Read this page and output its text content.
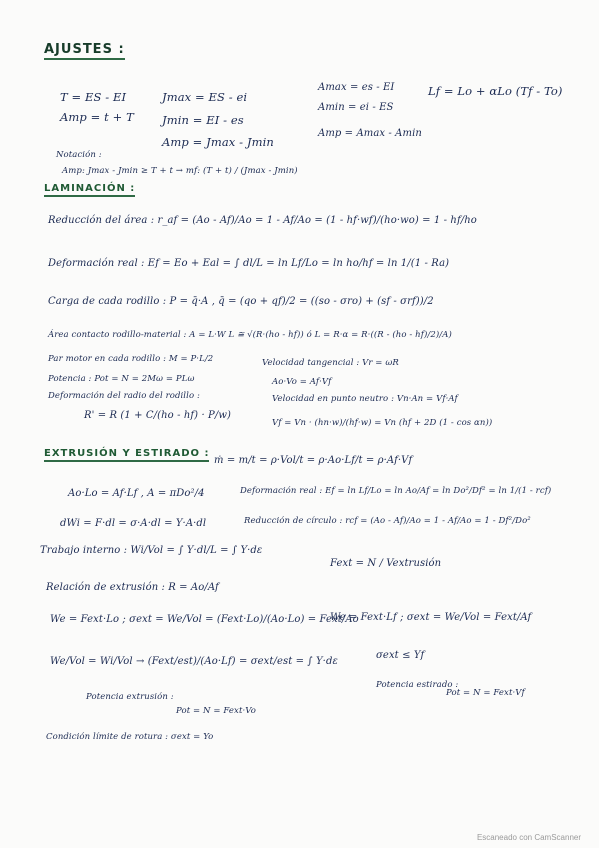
AJUSTES :
T = ES - EI
Amp = t + T
Jmax = ES - ei
Jmin = EI - es
Amp = Jmax - Jmin
Amax = es - EI
Amin = ei - ES
Amp = Amax - Amin
Lf = Lo + αLo (Tf - To)
Notación :
Amp: Jmax - Jmin ≥ T + t → mf: (T + t) / (Jmax - Jmin)
LAMINACIÓN :
Reducción del área : r_af = (Ao - Af)/Ao = 1 - Af/Ao = (1 - hf·wf)/(ho·wo) = 1 - hf/ho
Deformación real : Ef = Eo + Eal = ∫ dl/L = ln Lf/Lo = ln ho/hf = ln 1/(1 - Ra)
Carga de cada rodillo : P = q̄·A , q̄ = (qo + qf)/2 = ((so - σro) + (sf - σrf))/2
Área contacto rodillo-material : A = L·W L ≅ √(R·(ho - hf)) ó L = R·α = R·((R - (ho - hf)/2)/A)
Par motor en cada rodillo : M = P·L/2	Velocidad tangencial : Vr = ωR
Potencia : Pot = N = 2Mω = PLω	Ao·Vo = Af·Vf
Deformación del radio del rodillo :
R' = R (1 + C/(ho - hf) · P/w)
Velocidad en punto neutro : Vn·An = Vf·Af
Vf = Vn · (hn·w)/(hf·w) = Vn (hf + 2D (1 - cos αn))
EXTRUSIÓN Y ESTIRADO :
ṁ = m/t = ρ·Vol/t = ρ·Ao·Lf/t = ρ·Af·Vf
Ao·Lo = Af·Lf , A = πDo²/4	Deformación real : Ef = ln Lf/Lo = ln Ao/Af = ln Do²/Df² = ln 1/(1 - rcf)
dWi = F·dl = σ·A·dl = Y·A·dl	Reducción de círculo : rcf = (Ao - Af)/Ao = 1 - Af/Ao = 1 - Df²/Do²
Trabajo interno : Wi/Vol = ∫ Y·dl/L = ∫ Y·dε
Fext = N / Vextrusión
Relación de extrusión : R = Ao/Af
We = Fext·Lo ; σext = We/Vol = (Fext·Lo)/(Ao·Lo) = Fext/Ao
We = Fext·Lf ; σext = We/Vol = Fext/Af
We/Vol = Wi/Vol → (Fext/est)/(Ao·Lf) = σext/est = ∫ Y·dε
σext ≤ Yf
Potencia extrusión :
Pot = N = Fext·Vo
Potencia estirado :
Pot = N = Fext·Vf
Condición límite de rotura : σext = Yo
Escaneado con CamScanner
